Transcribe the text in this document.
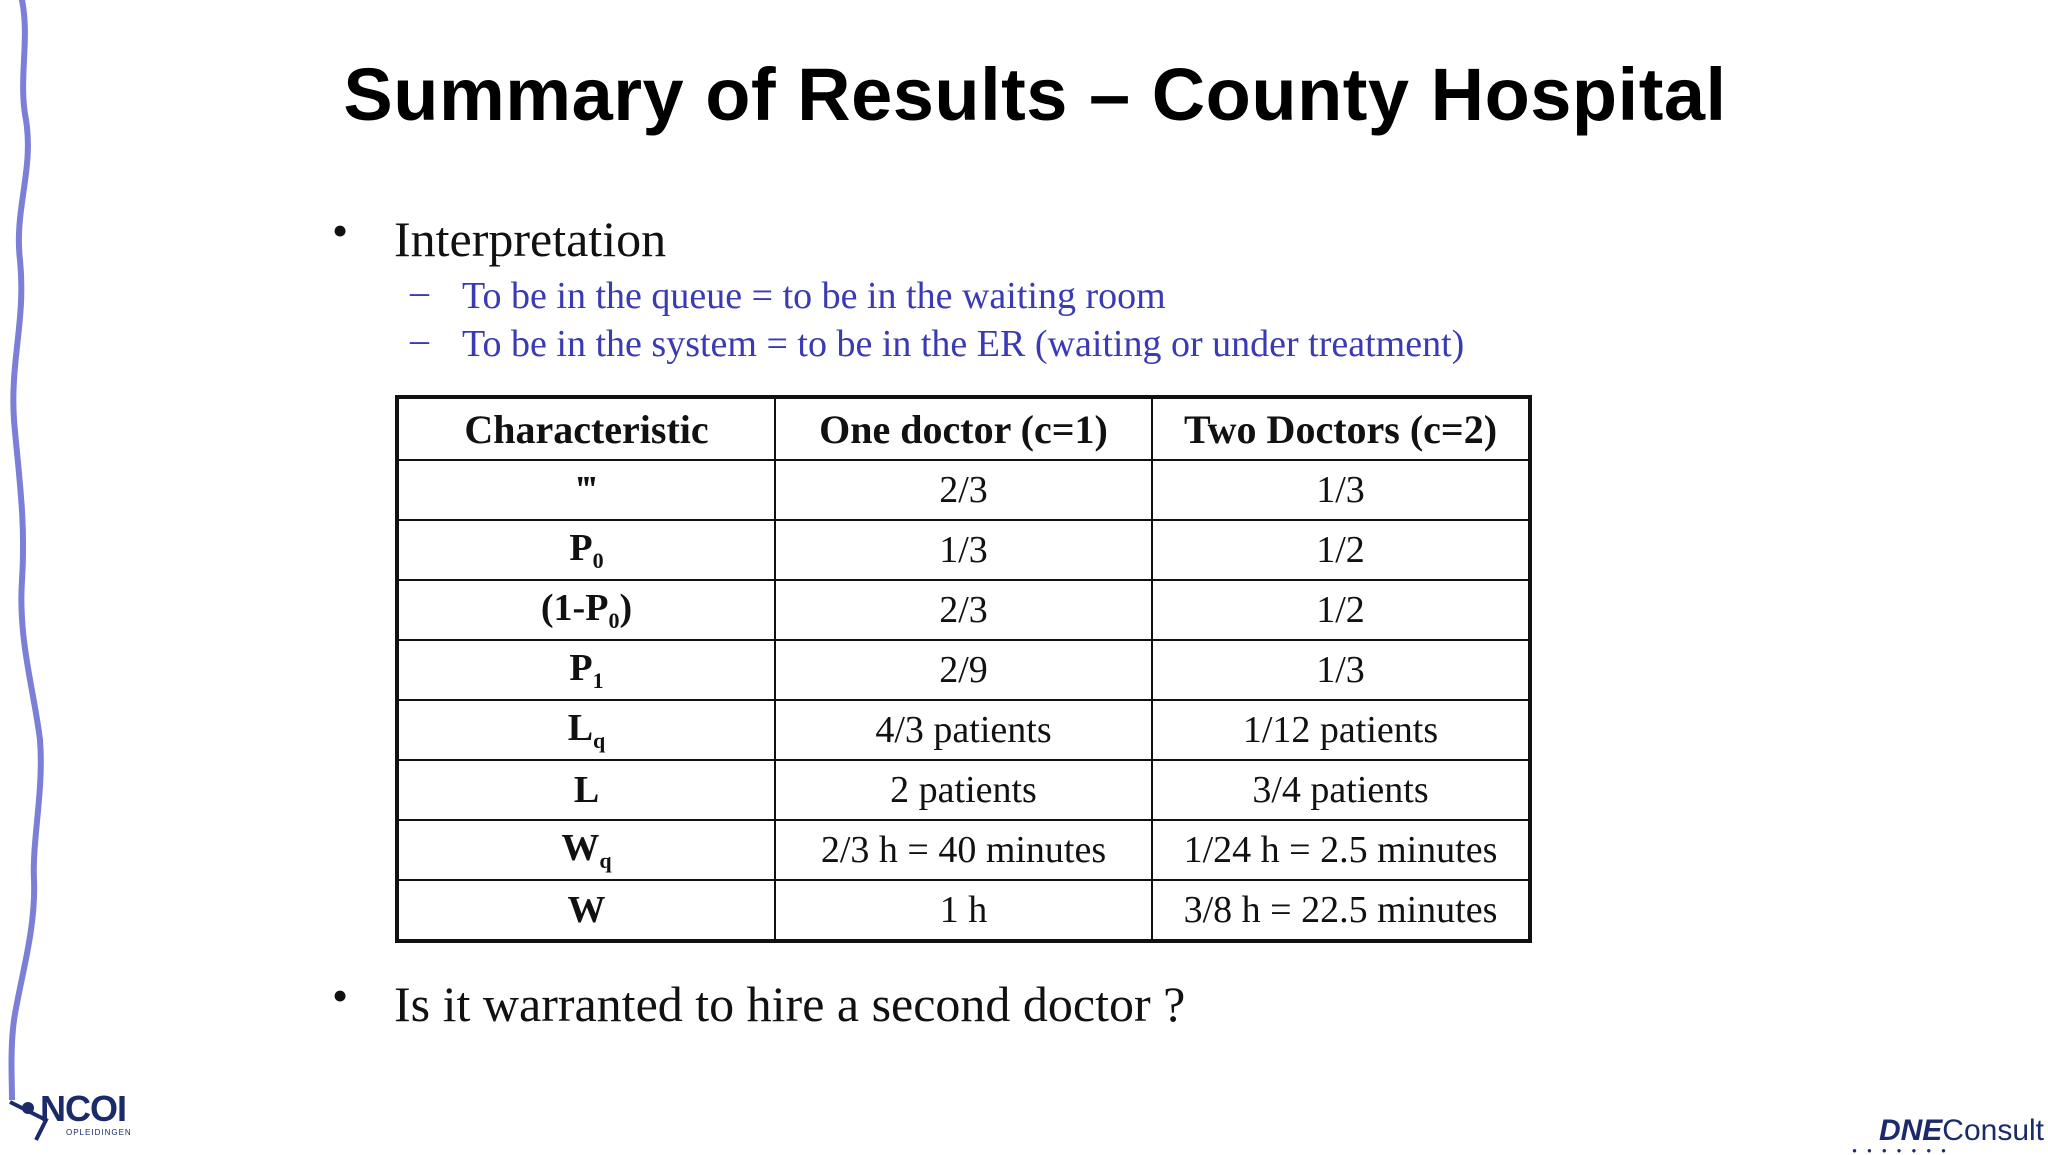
Summary of Results – County Hospital
• Interpretation
– To be in the queue = to be in the waiting room
– To be in the system = to be in the ER (waiting or under treatment)
Characteristic	One doctor (c=1)	Two Doctors (c=2)
‴	2/3	1/3
$P_0$	1/3	1/2
$(1-P_0)$	2/3	1/2
$P_1$	2/9	1/3
$L_q$	4/3 patients	1/12 patients
L	2 patients	3/4 patients
$W_q$	2/3 h = 40 minutes	1/24 h = 2.5 minutes
W	1 h	3/8 h = 22.5 minutes
• Is it warranted to hire a second doctor ?
NCOI
OPLEIDINGEN	DNEConsult
● ● ● ● ● ● ●
